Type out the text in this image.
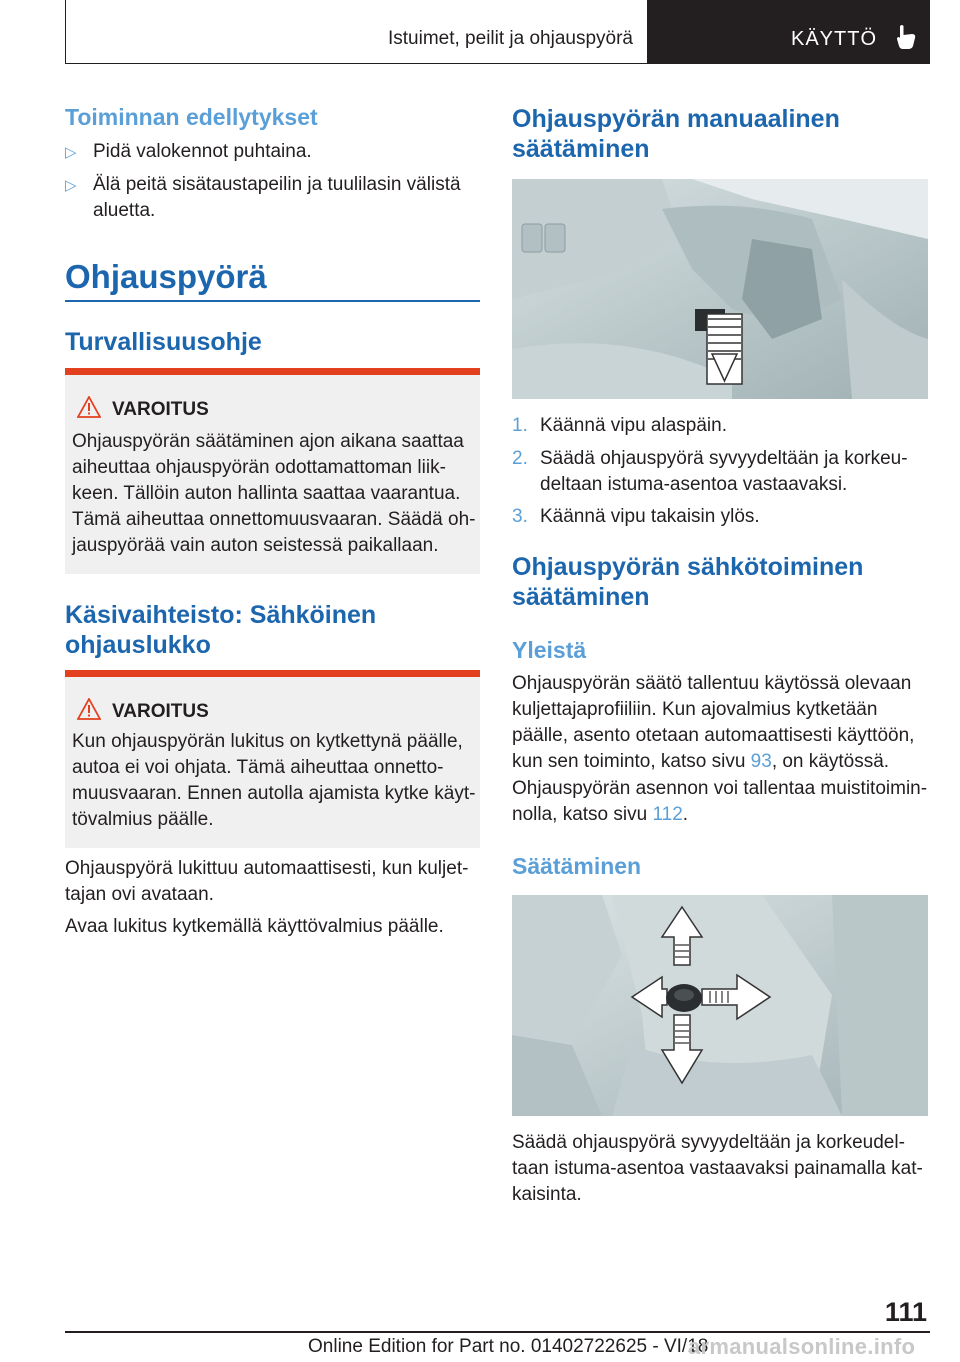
Istuimet, peilit ja ohjauspyörä	KÄYTTÖ
Toiminnan edellytykset
▷ Pidä valokennot puhtaina.
▷ Älä peitä sisätaustapeilin ja tuulilasin välistä
aluetta.
Ohjauspyörä
Turvallisuusohje
VAROITUS
Ohjauspyörän säätäminen ajon aikana saattaa
aiheuttaa ohjauspyörän odottamattoman liik-
keen. Tällöin auton hallinta saattaa vaarantua.
Tämä aiheuttaa onnettomuusvaaran. Säädä oh-
jauspyörää vain auton seistessä paikallaan.
Käsivaihteisto: Sähköinen
ohjauslukko
VAROITUS
Kun ohjauspyörän lukitus on kytkettynä päälle,
autoa ei voi ohjata. Tämä aiheuttaa onnetto-
muusvaaran. Ennen autolla ajamista kytke käyt-
tövalmius päälle.
Ohjauspyörä lukittuu automaattisesti, kun kuljet-
tajan ovi avataan.
Avaa lukitus kytkemällä käyttövalmius päälle.
Ohjauspyörän manuaalinen
säätäminen
1. Käännä vipu alaspäin.
2. Säädä ohjauspyörä syvyydeltään ja korkeu-
deltaan istuma-asentoa vastaavaksi.
3. Käännä vipu takaisin ylös.
Ohjauspyörän sähkötoiminen
säätäminen
Yleistä
Ohjauspyörän säätö tallentuu käytössä olevaan
kuljettajaprofiiliin. Kun ajovalmius kytketään
päälle, asento otetaan automaattisesti käyttöön,
kun sen toiminto, katso sivu 93, on käytössä.
Ohjauspyörän asennon voi tallentaa muistitoimin-
nolla, katso sivu 112.
Säätäminen
Säädä ohjauspyörä syvyydeltään ja korkeudel-
taan istuma-asentoa vastaavaksi painamalla kat-
kaisinta.
111
Online Edition for Part no. 01402722625 - VI/18
armanualsonline.info
